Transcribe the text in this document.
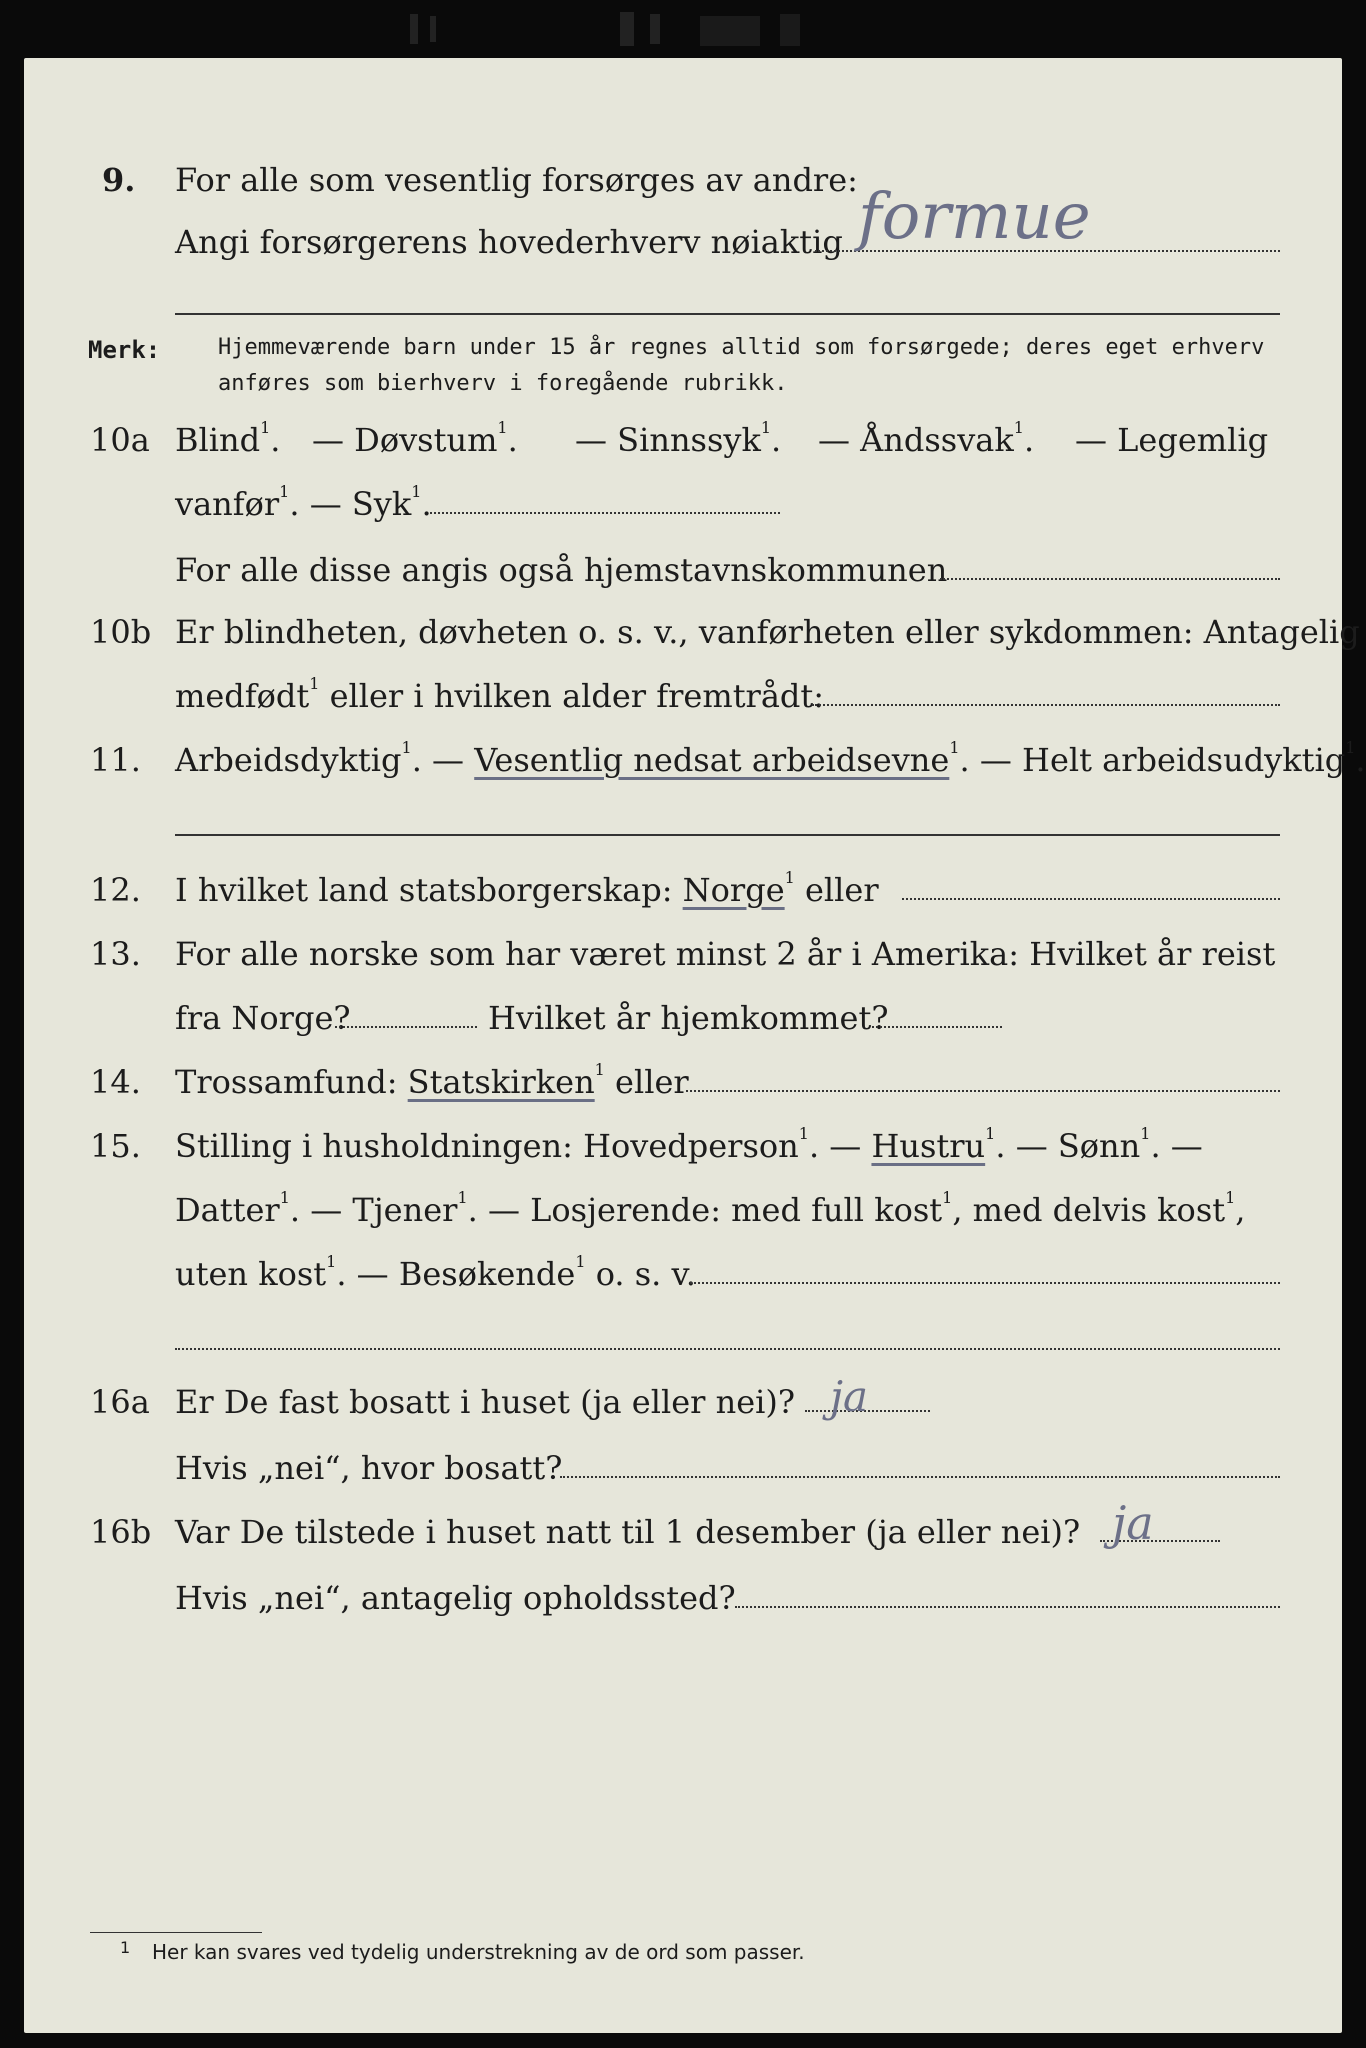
9. For alle som vesentlig forsørges av andre:
Angi forsørgerens hovederhverv nøiaktig formue
Merk:	Hjemmeværende barn under 15 år regnes alltid som forsørgede; deres eget erhverv
anføres som bierhverv i foregående rubrikk.
10a Blind$^1$. — Døvstum$^1$. — Sinnssyk$^1$. — Åndssvak$^1$. — Legemlig
vanfør$^1$. — Syk$^1$.
For alle disse angis også hjemstavnskommunen
10b Er blindheten, døvheten o. s. v., vanførheten eller sykdommen: Antagelig
medfødt$^1$ eller i hvilken alder fremtrådt:
11. Arbeidsdyktig$^1$. — Vesentlig nedsat arbeidsevne$^1$. — Helt arbeidsudyktig$^1$.
12. I hvilket land statsborgerskap: Norge$^1$ eller
13. For alle norske som har været minst 2 år i Amerika: Hvilket år reist
fra Norge?	Hvilket år hjemkommet?
14. Trossamfund: Statskirken$^1$ eller
15. Stilling i husholdningen: Hovedperson$^1$. — Hustru$^1$. — Sønn$^1$. —
Datter$^1$. — Tjener$^1$. — Losjerende: med full kost$^1$, med delvis kost$^1$,
uten kost$^1$. — Besøkende$^1$ o. s. v.
16a Er De fast bosatt i huset (ja eller nei)? ja
Hvis „nei“, hvor bosatt?
16b Var De tilstede i huset natt til 1 desember (ja eller nei)? ja
Hvis „nei“, antagelig opholdssted?
$^1$ Her kan svares ved tydelig understrekning av de ord som passer.
